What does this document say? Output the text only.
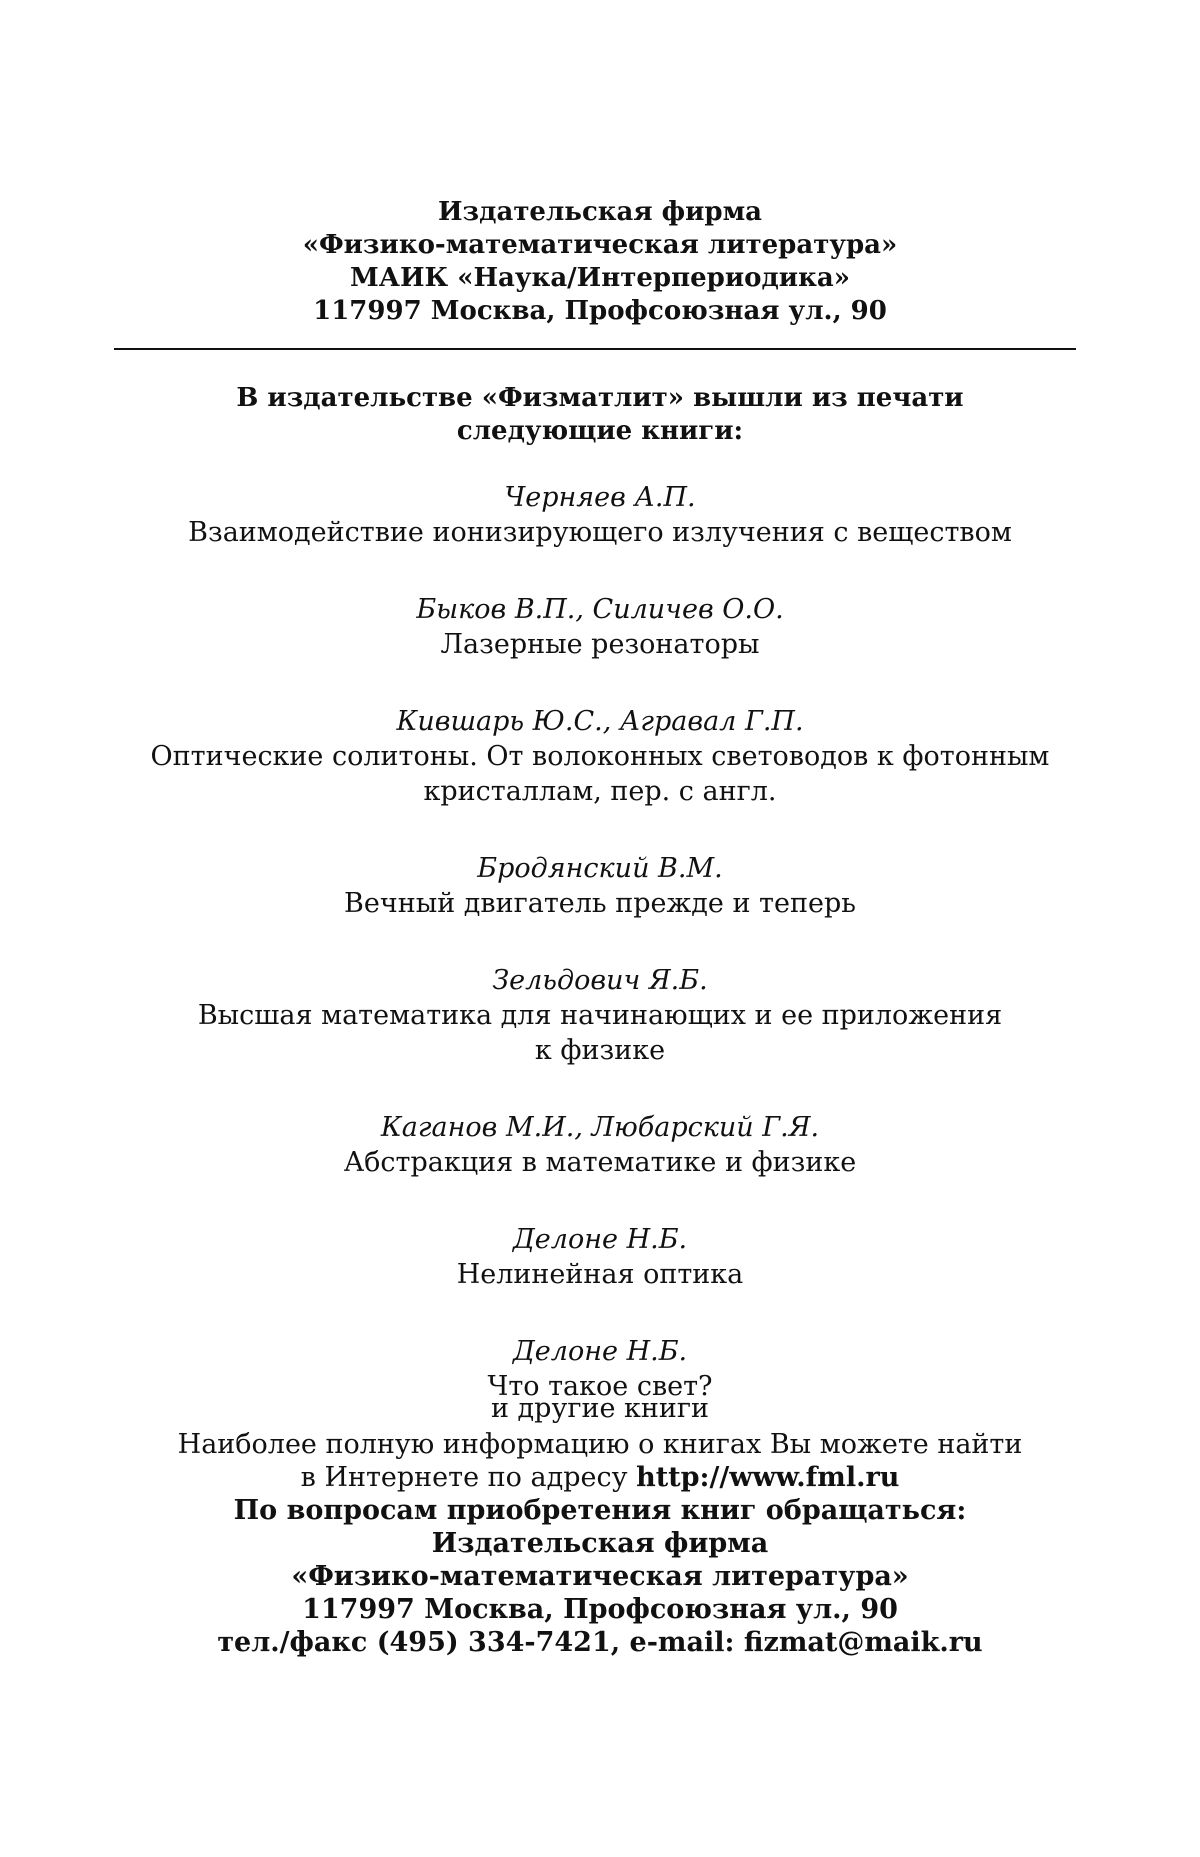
Издательская фирма
«Физико-математическая литература»
МАИК «Наука/Интерпериодика»
117997 Москва, Профсоюзная ул., 90
В издательстве «Физматлит» вышли из печати
следующие книги:
Черняев А.П.
Взаимодействие ионизирующего излучения с веществом
Быков В.П., Силичев О.О.
Лазерные резонаторы
Кившарь Ю.С., Агравал Г.П.
Оптические солитоны. От волоконных световодов к фотонным
кристаллам, пер. с англ.
Бродянский В.М.
Вечный двигатель прежде и теперь
Зельдович Я.Б.
Высшая математика для начинающих и ее приложения
к физике
Каганов М.И., Любарский Г.Я.
Абстракция в математике и физике
Делоне Н.Б.
Нелинейная оптика
Делоне Н.Б.
Что такое свет?
и другие книги
Наиболее полную информацию о книгах Вы можете найти
в Интернете по адресу http://www.fml.ru
По вопросам приобретения книг обращаться:
Издательская фирма
«Физико-математическая литература»
117997 Москва, Профсоюзная ул., 90
тел./факс (495) 334-7421, e-mail: fizmat@maik.ru
